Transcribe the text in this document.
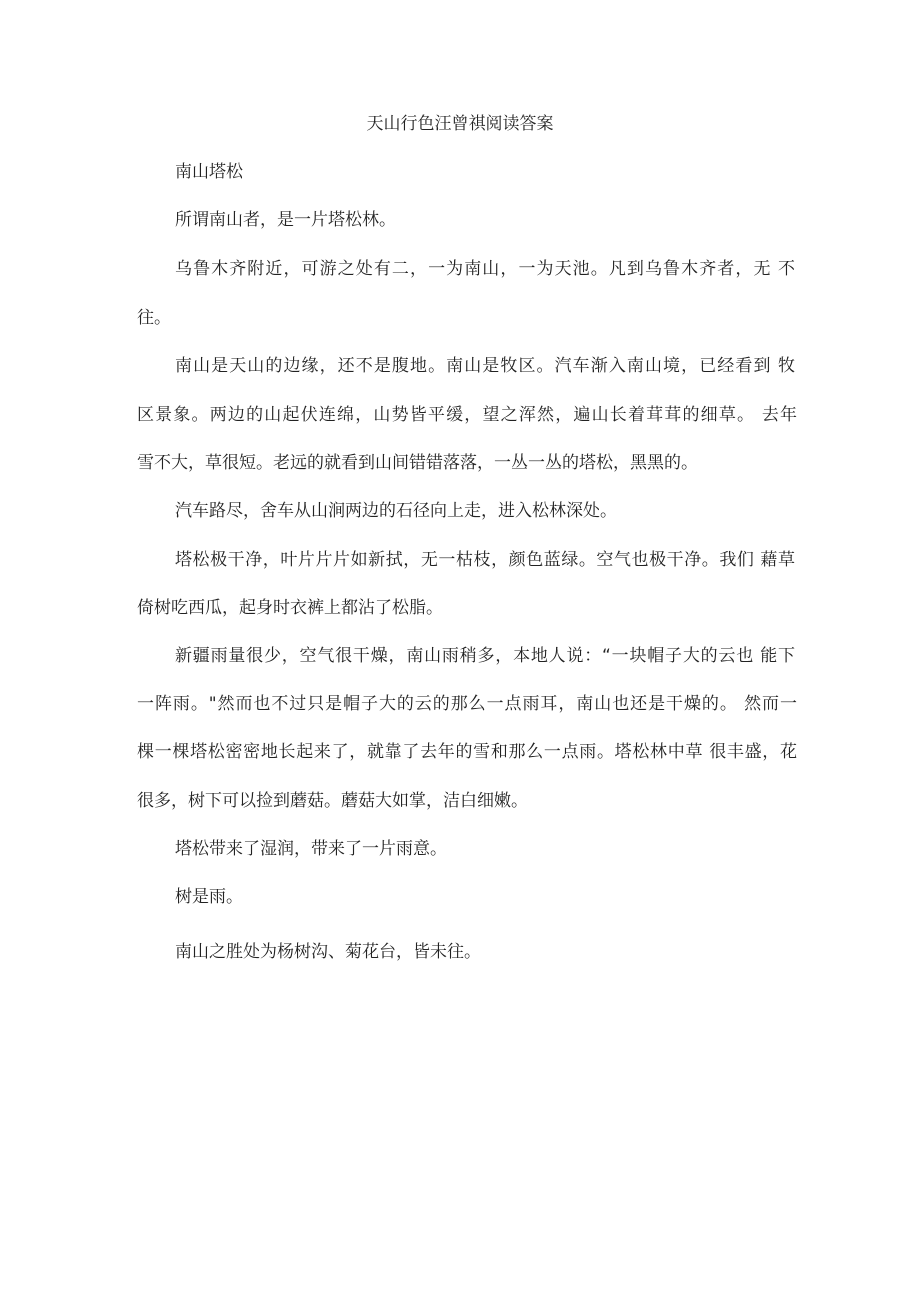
天山行色汪曾祺阅读答案
南山塔松
所谓南山者，是一片塔松林。
乌鲁木齐附近，可游之处有二，一为南山，一为天池。凡到乌鲁木齐者，无 不
往。
南山是天山的边缘，还不是腹地。南山是牧区。汽车渐入南山境，已经看到 牧
区景象。两边的山起伏连绵，山势皆平缓，望之浑然，遍山长着茸茸的细草。 去年
雪不大，草很短。老远的就看到山间错错落落，一丛一丛的塔松，黑黑的。
汽车路尽，舍车从山涧两边的石径向上走，进入松林深处。
塔松极干净，叶片片片如新拭，无一枯枝，颜色蓝绿。空气也极干净。我们 藉草
倚树吃西瓜，起身时衣裤上都沾了松脂。
新疆雨量很少，空气很干燥，南山雨稍多，本地人说：“一块帽子大的云也 能下
一阵雨。"然而也不过只是帽子大的云的那么一点雨耳，南山也还是干燥的。 然而一
棵一棵塔松密密地长起来了，就靠了去年的雪和那么一点雨。塔松林中草 很丰盛，花
很多，树下可以捡到蘑菇。蘑菇大如掌，洁白细嫩。
塔松带来了湿润，带来了一片雨意。
树是雨。
南山之胜处为杨树沟、菊花台，皆未往。
